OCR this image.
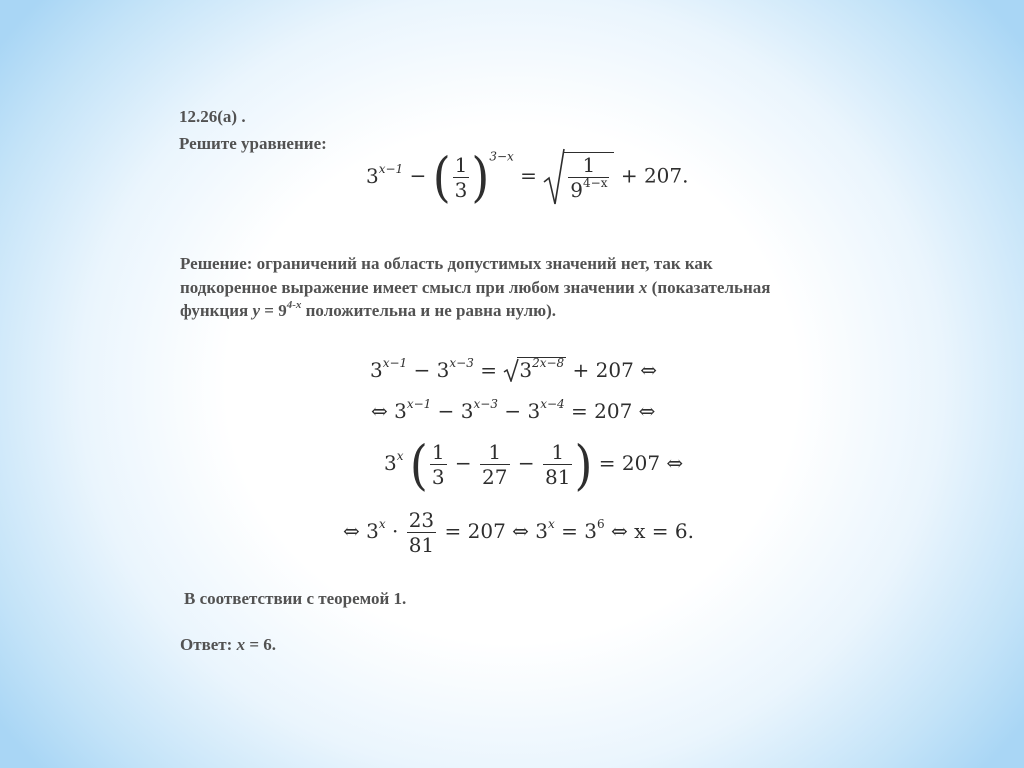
12.26(а) .
Решите уравнение:
$3^{x-1}$ − ( $\frac{1}{3} )^{3-x} = \frac{1}{9^{4-x}} + 207$.
Решение: ограничений на область допустимых значений нет, так как
подкоренное выражение имеет смысл при любом значении x (показательная
функция $y = 9^{4-x}$ положительна и не равна нулю).
$3^{x-1} - 3^{x-3} = 3^{2x-8} + 207$ ⇔
⇔ $3^{x-1} - 3^{x-3} - 3^{x-4} = 207$ ⇔
3$^x$ ( $\frac{1}{3} - \frac{1}{27} - \frac{1}{81}$ ) = 207 ⇔
⇔ $3^x \cdot \frac{23}{81} = 207$ ⇔ $3^x = 3^6$ ⇔ x = 6.
В соответствии с теоремой 1.
Ответ: x = 6.
